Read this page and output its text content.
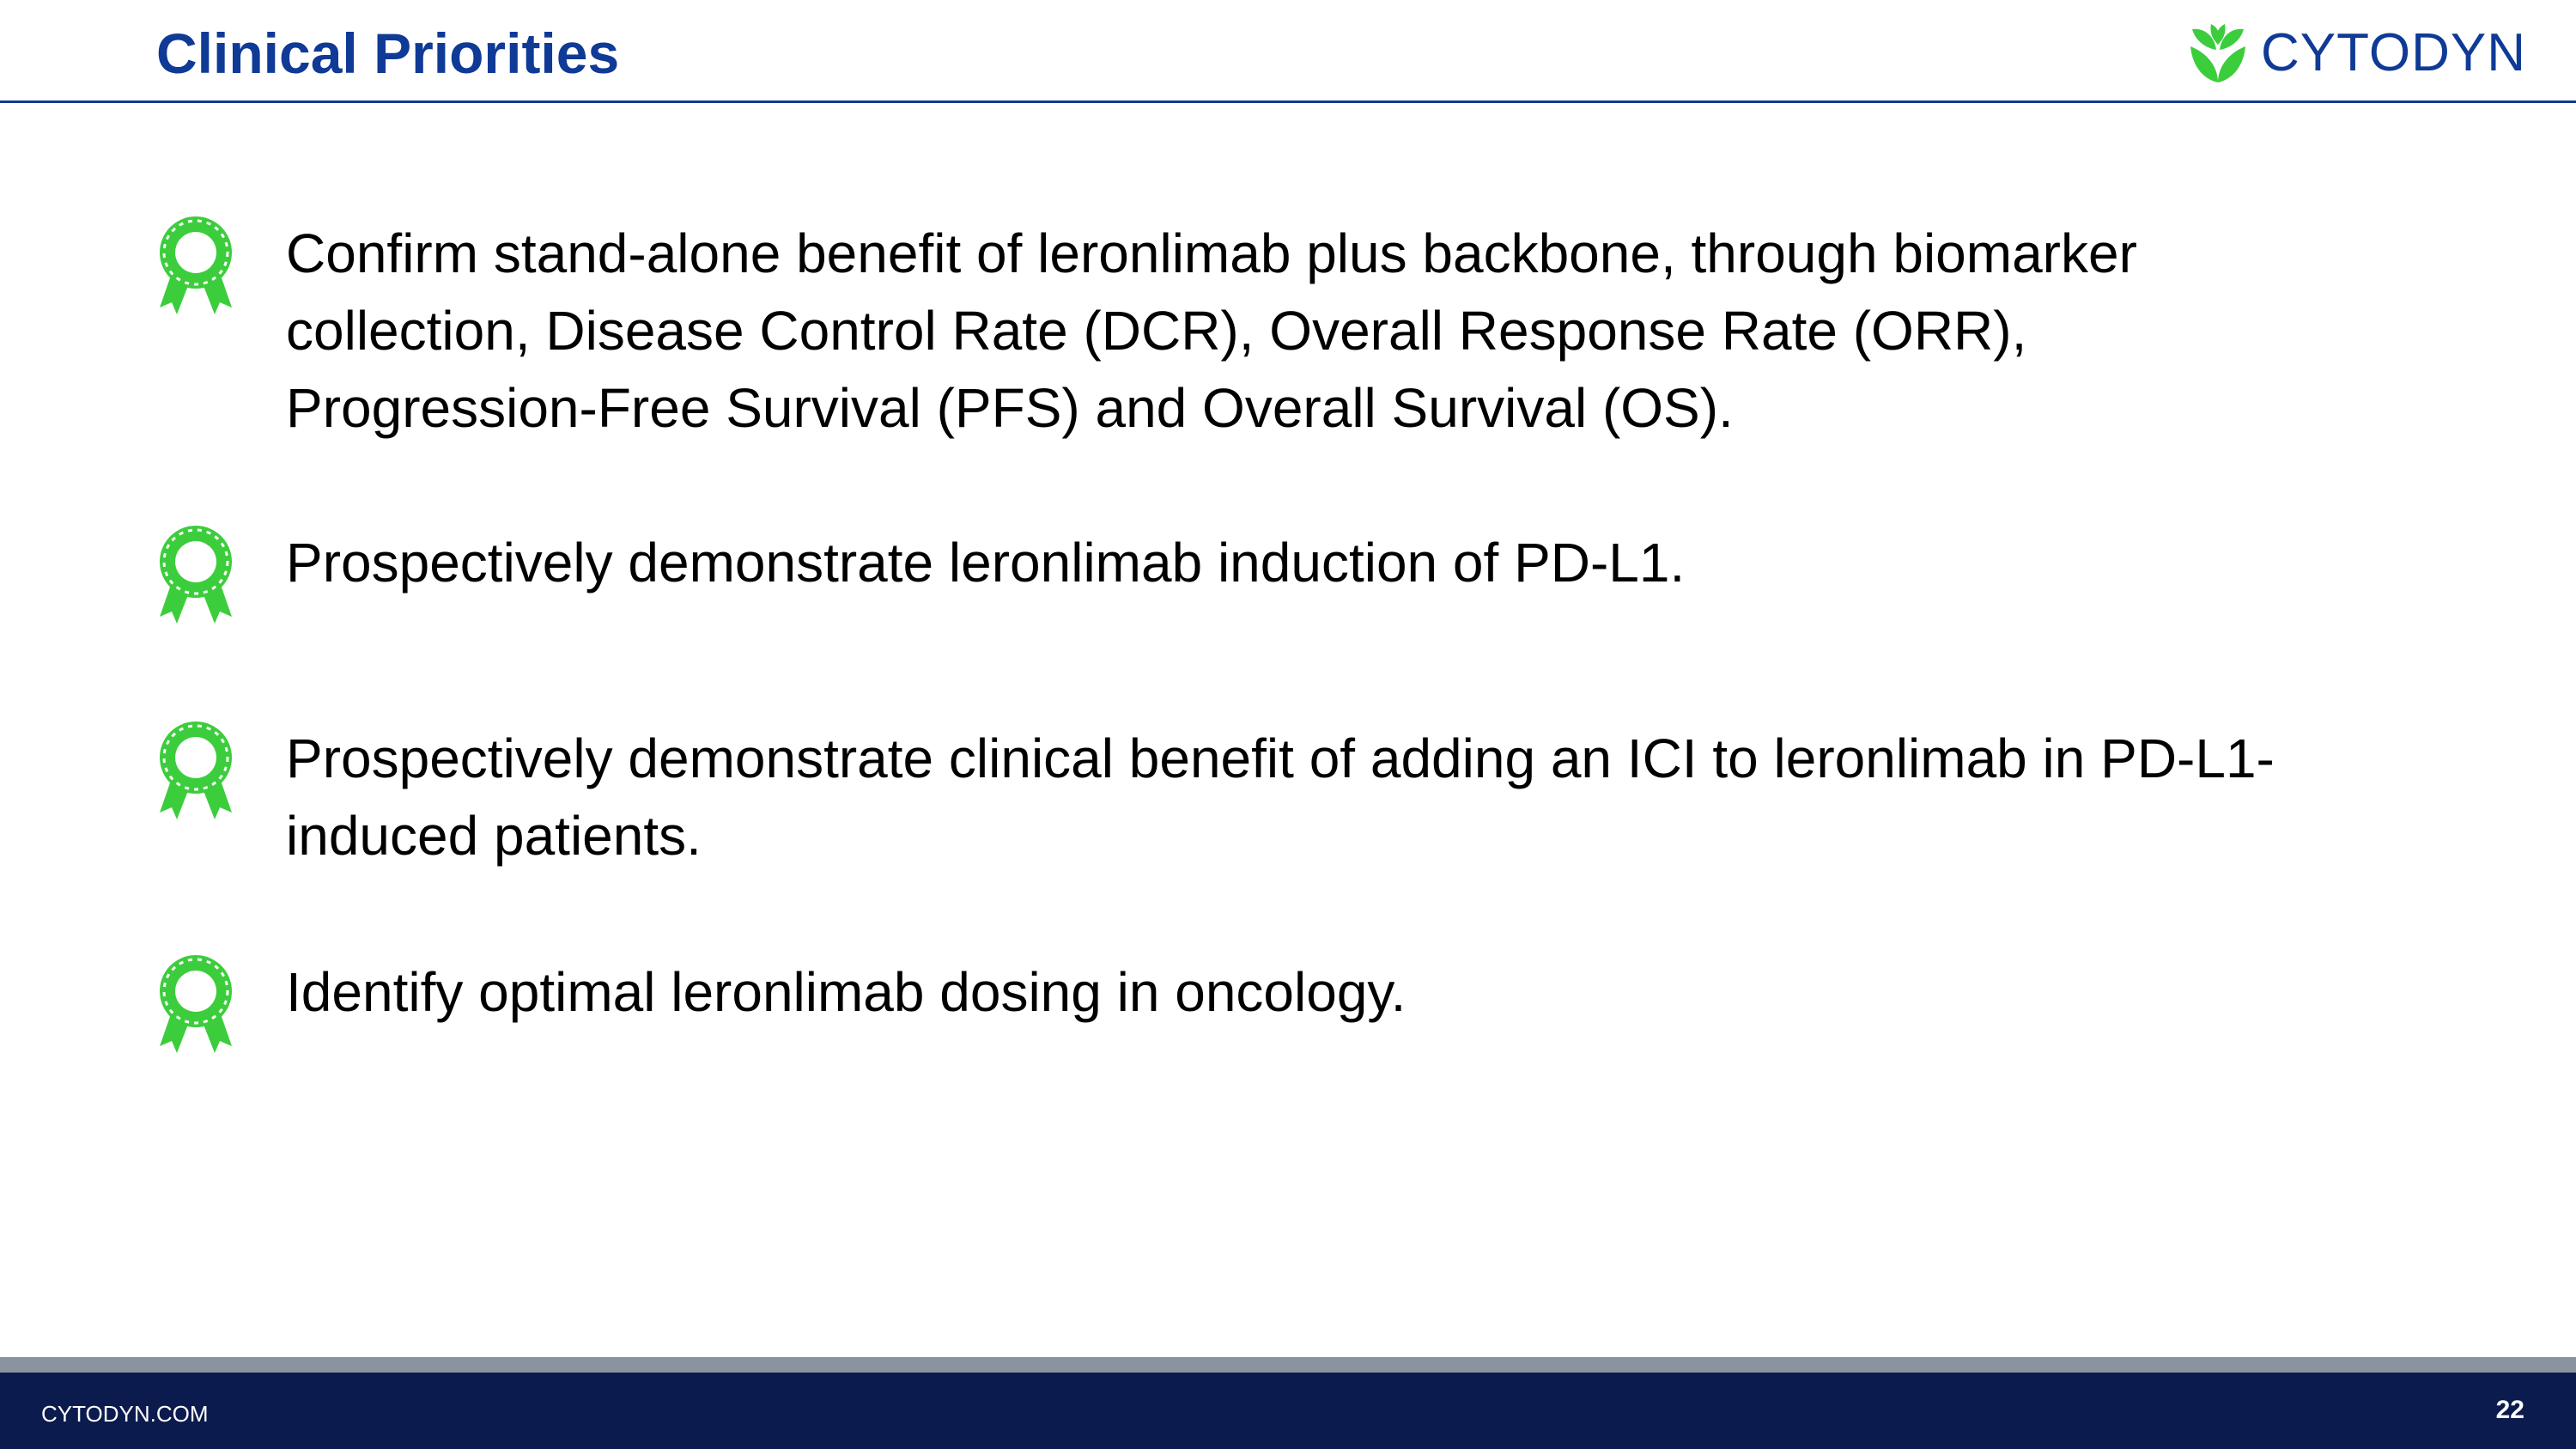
Clinical Priorities	CYTODYN
Confirm stand-alone benefit of leronlimab plus backbone, through biomarker collection, Disease Control Rate (DCR), Overall Response Rate (ORR), Progression-Free Survival (PFS) and Overall Survival (OS).
Prospectively demonstrate leronlimab induction of PD-L1.
Prospectively demonstrate clinical benefit of adding an ICI to leronlimab in PD-L1-induced patients.
Identify optimal leronlimab dosing in oncology.
CYTODYN.COM	22
